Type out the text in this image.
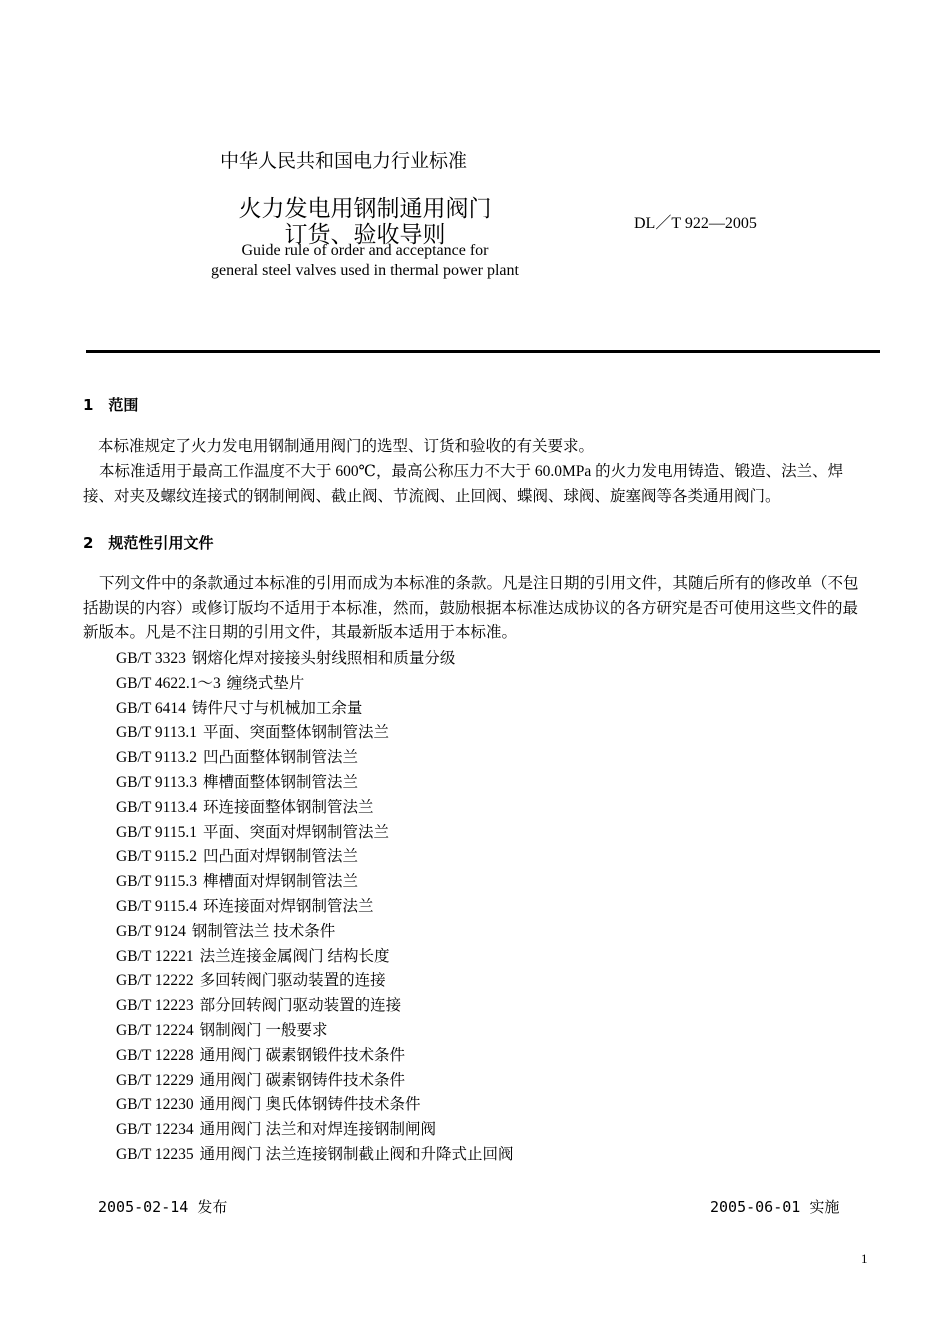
中华人民共和国电力行业标准
火力发电用钢制通用阀门
订货、验收导则
Guide rule of order and acceptance for
general steel valves used in thermal power plant
DL／T 922—2005
1　范围
本标准规定了火力发电用钢制通用阀门的选型、订货和验收的有关要求。
本标准适用于最高工作温度不大于 600℃，最高公称压力不大于 60.0MPa 的火力发电用铸造、锻造、法兰、焊接、对夹及螺纹连接式的钢制闸阀、截止阀、节流阀、止回阀、蝶阀、球阀、旋塞阀等各类通用阀门。
2　规范性引用文件
下列文件中的条款通过本标准的引用而成为本标准的条款。凡是注日期的引用文件，其随后所有的修改单（不包括勘误的内容）或修订版均不适用于本标准，然而，鼓励根据本标准达成协议的各方研究是否可使用这些文件的最新版本。凡是不注日期的引用文件，其最新版本适用于本标准。
GB/T 3323 钢熔化焊对接接头射线照相和质量分级
GB/T 4622.1～3 缠绕式垫片
GB/T 6414 铸件尺寸与机械加工余量
GB/T 9113.1 平面、突面整体钢制管法兰
GB/T 9113.2 凹凸面整体钢制管法兰
GB/T 9113.3 榫槽面整体钢制管法兰
GB/T 9113.4 环连接面整体钢制管法兰
GB/T 9115.1 平面、突面对焊钢制管法兰
GB/T 9115.2 凹凸面对焊钢制管法兰
GB/T 9115.3 榫槽面对焊钢制管法兰
GB/T 9115.4 环连接面对焊钢制管法兰
GB/T 9124 钢制管法兰 技术条件
GB/T 12221 法兰连接金属阀门 结构长度
GB/T 12222 多回转阀门驱动装置的连接
GB/T 12223 部分回转阀门驱动装置的连接
GB/T 12224 钢制阀门 一般要求
GB/T 12228 通用阀门 碳素钢锻件技术条件
GB/T 12229 通用阀门 碳素钢铸件技术条件
GB/T 12230 通用阀门 奥氏体钢铸件技术条件
GB/T 12234 通用阀门 法兰和对焊连接钢制闸阀
GB/T 12235 通用阀门 法兰连接钢制截止阀和升降式止回阀
2005-02-14 发布	2005-06-01 实施
1
